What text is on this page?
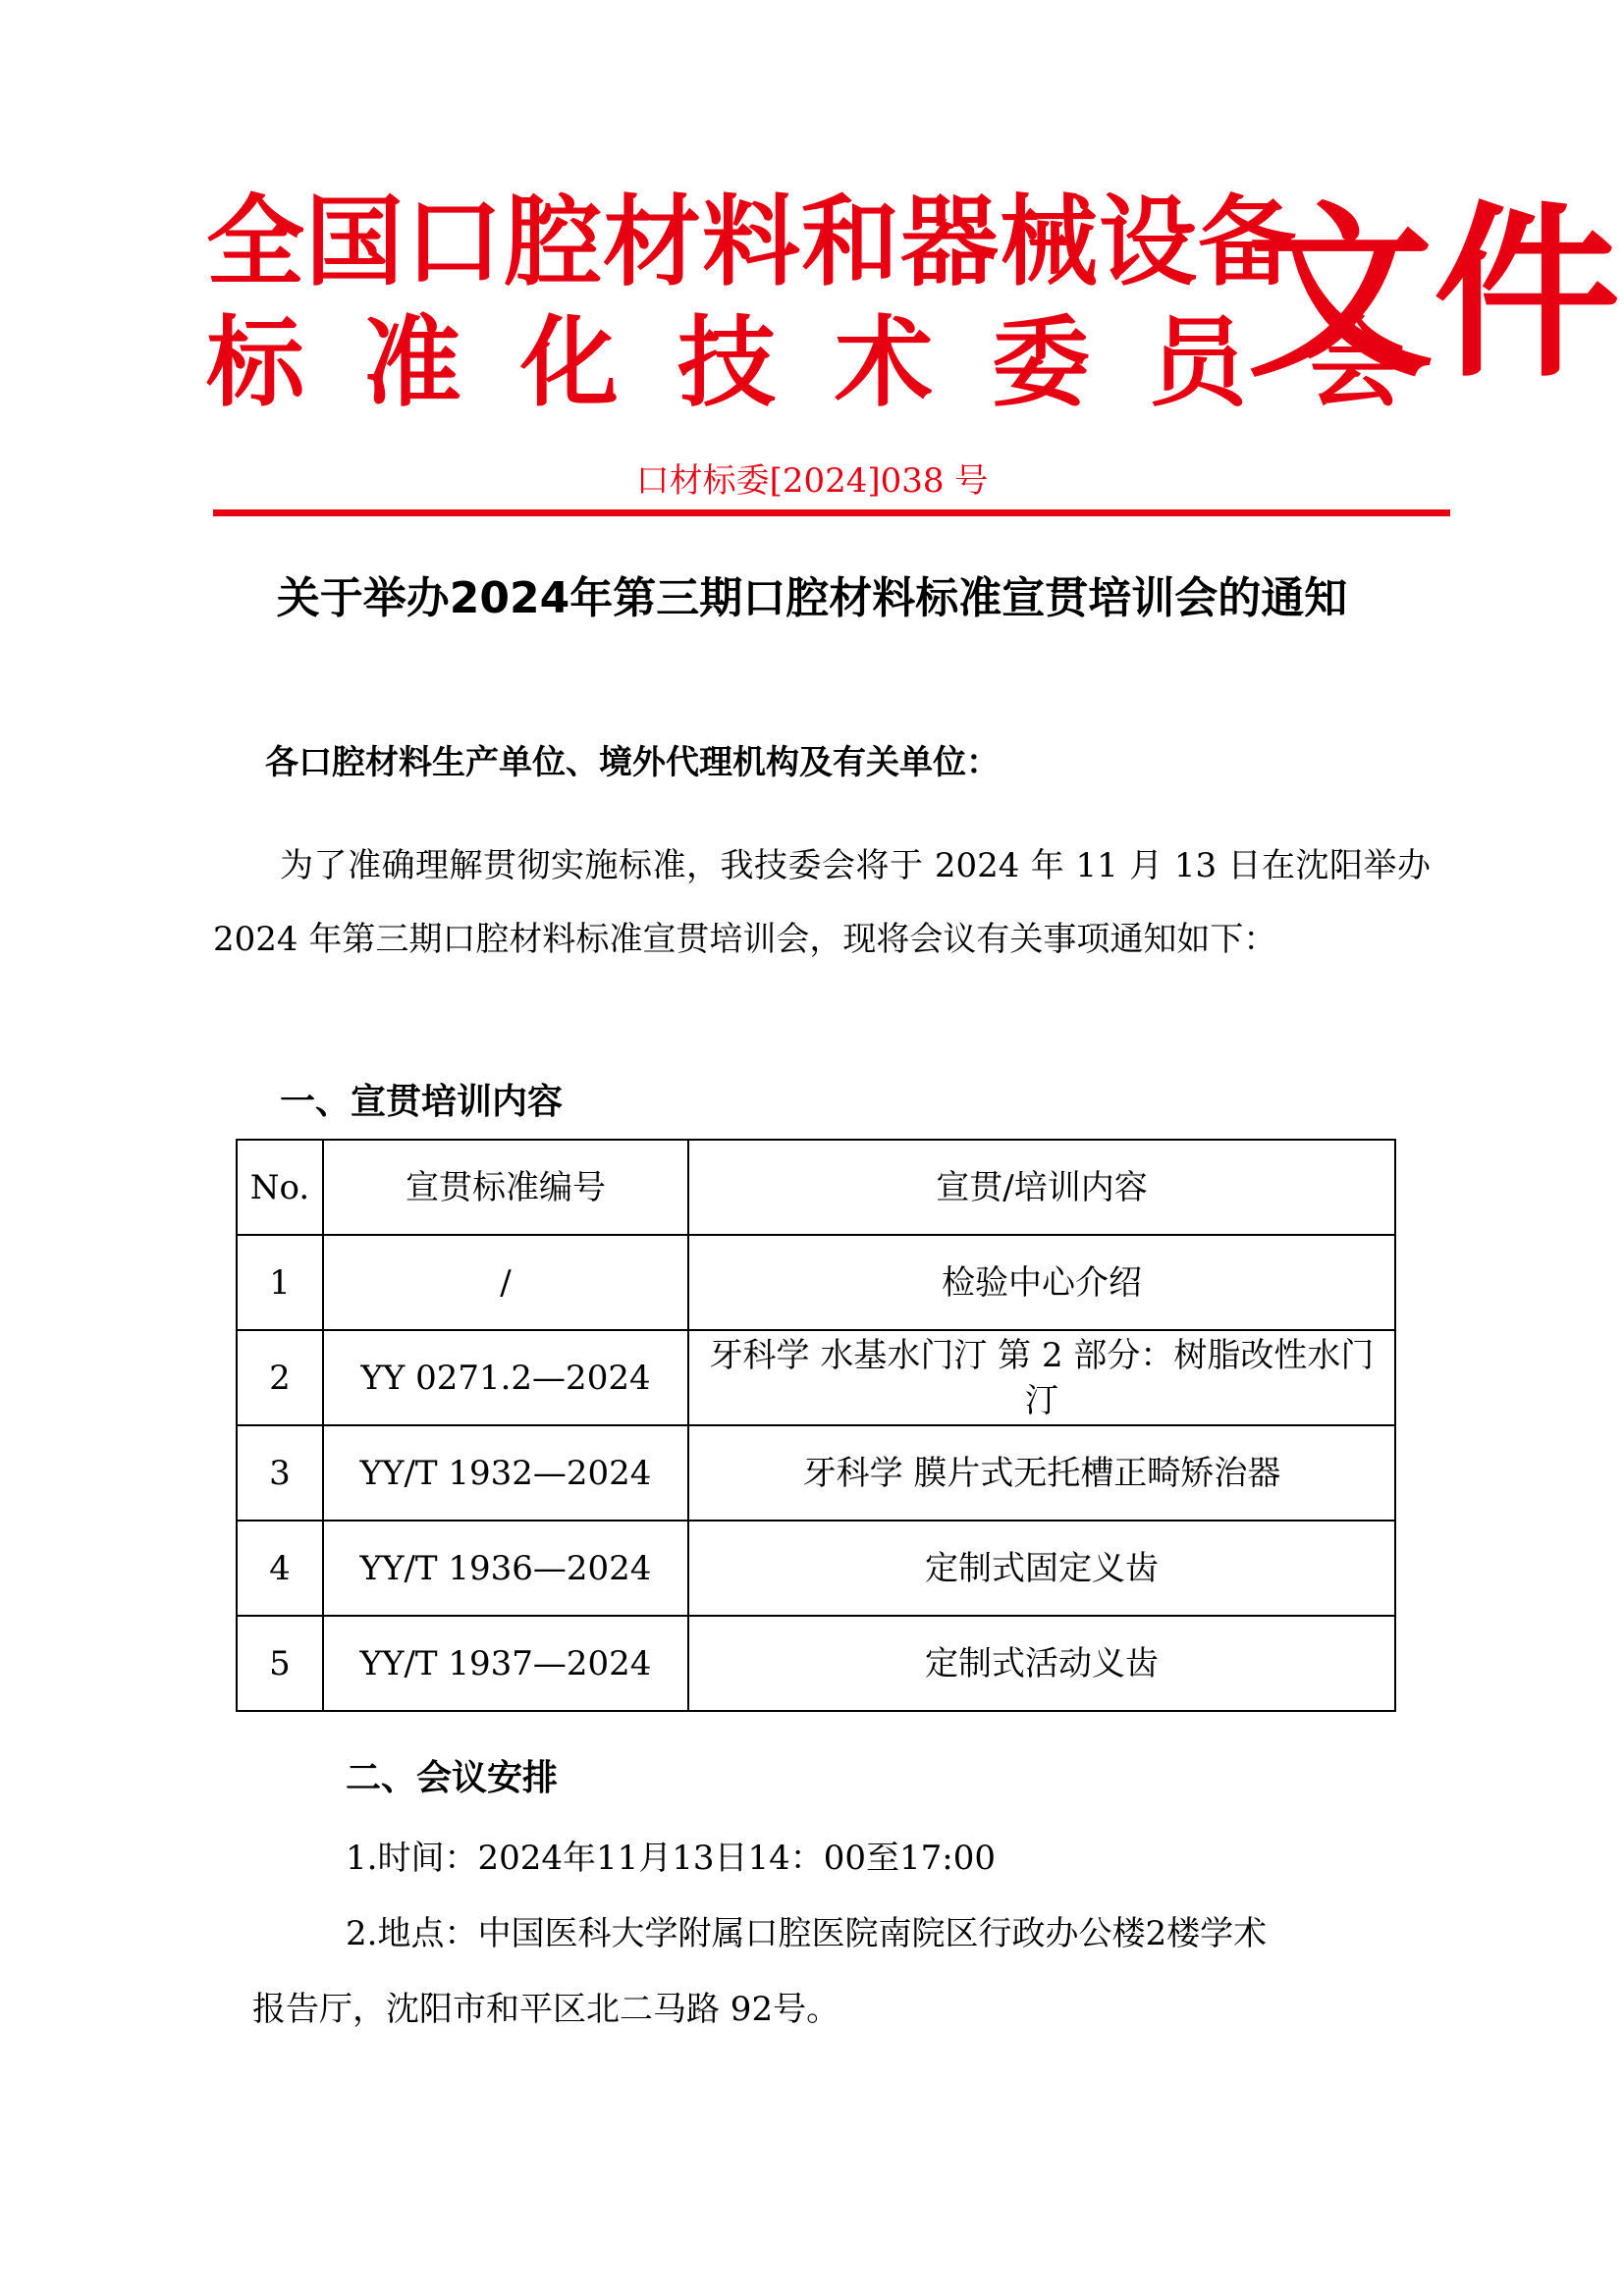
全国口腔材料和器械设备
标准化技术委员会
文件
口材标委[2024]038 号
关于举办2024年第三期口腔材料标准宣贯培训会的通知
各口腔材料生产单位、境外代理机构及有关单位：
为了准确理解贯彻实施标准，我技委会将于 2024 年 11 月 13 日在沈阳举办 2024 年第三期口腔材料标准宣贯培训会，现将会议有关事项通知如下：
一、宣贯培训内容
No.	宣贯标准编号	宣贯/培训内容
1	/	检验中心介绍
2	YY 0271.2—2024	牙科学 水基水门汀 第 2 部分：树脂改性水门汀
3	YY/T 1932—2024	牙科学 膜片式无托槽正畸矫治器
4	YY/T 1936—2024	定制式固定义齿
5	YY/T 1937—2024	定制式活动义齿
二、会议安排
1.时间：2024年11月13日14：00至17:00
2.地点：中国医科大学附属口腔医院南院区行政办公楼2楼学术
报告厅，沈阳市和平区北二马路 92号。
